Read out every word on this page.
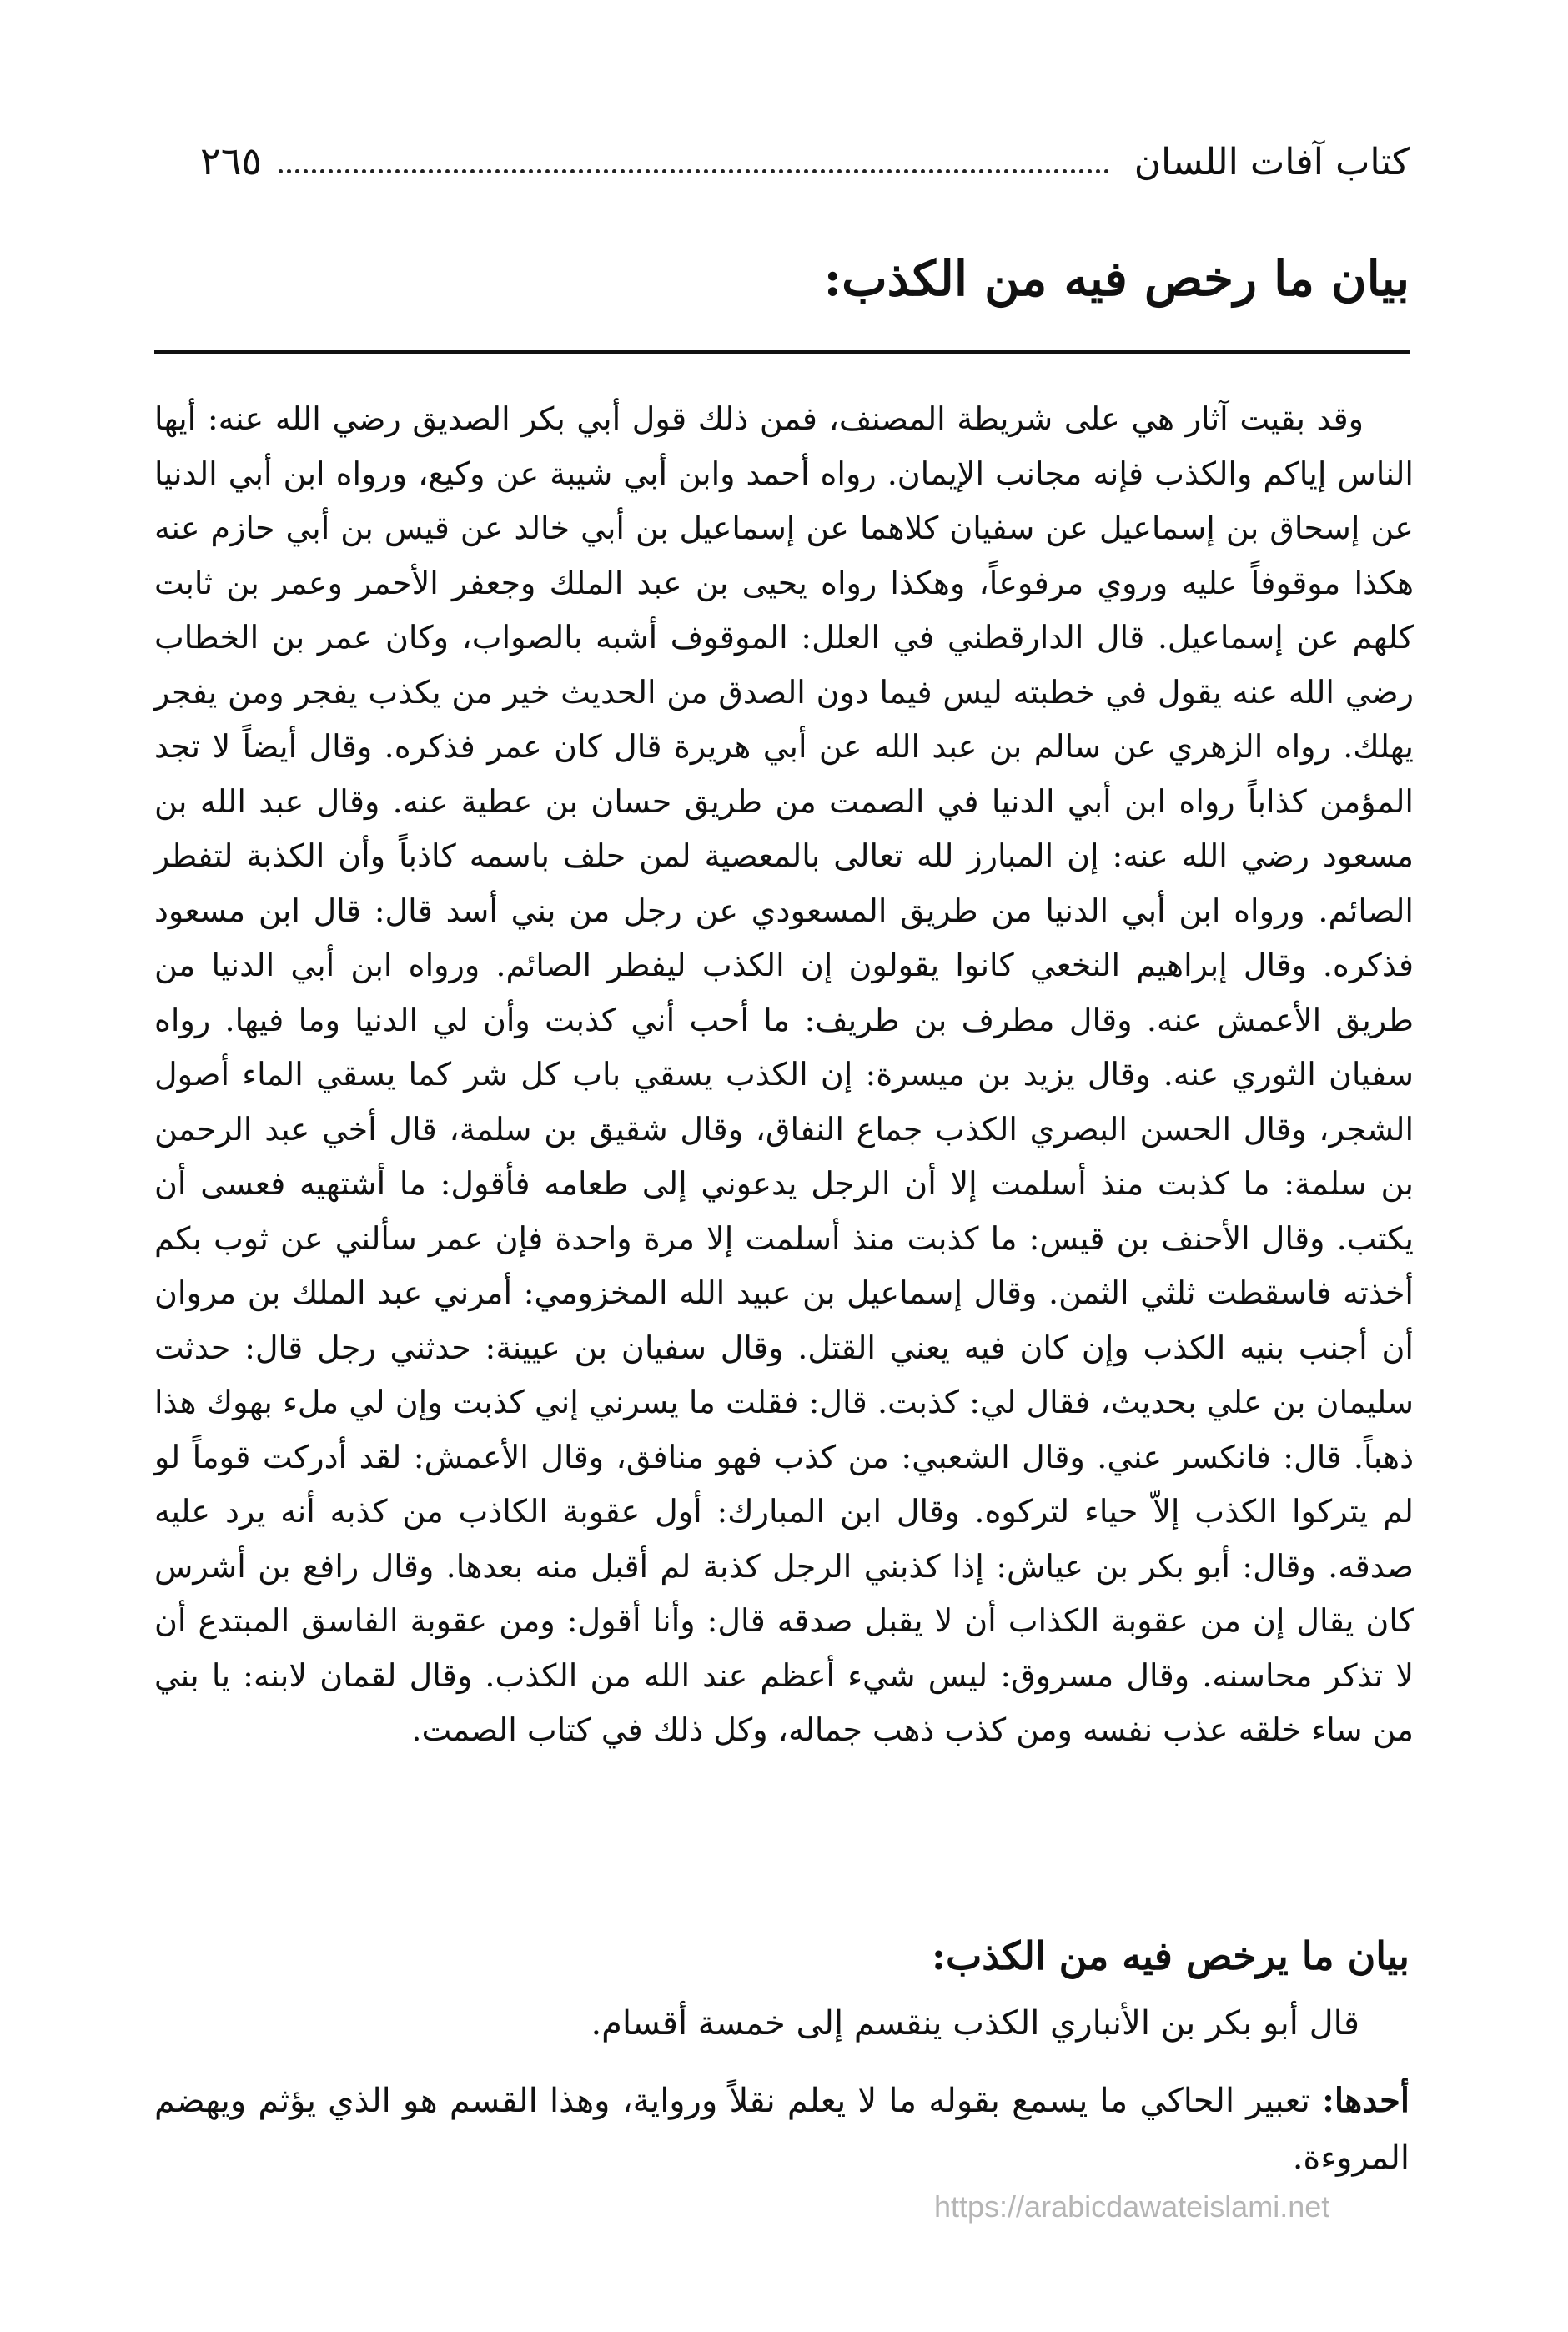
كتاب آفات اللسان
٢٦٥
بيان ما رخص فيه من الكذب:

وقد بقيت آثار هي على شريطة المصنف، فمن ذلك قول أبي بكر الصديق رضي الله عنه: أيها الناس إياكم والكذب فإنه مجانب الإيمان. رواه أحمد وابن أبي شيبة عن وكيع، ورواه ابن أبي الدنيا عن إسحاق بن إسماعيل عن سفيان كلاهما عن إسماعيل بن أبي خالد عن قيس بن أبي حازم عنه هكذا موقوفاً عليه وروي مرفوعاً، وهكذا رواه يحيى بن عبد الملك وجعفر الأحمر وعمر بن ثابت كلهم عن إسماعيل. قال الدارقطني في العلل: الموقوف أشبه بالصواب، وكان عمر بن الخطاب رضي الله عنه يقول في خطبته ليس فيما دون الصدق من الحديث خير من يكذب يفجر ومن يفجر يهلك. رواه الزهري عن سالم بن عبد الله عن أبي هريرة قال كان عمر فذكره. وقال أيضاً لا تجد المؤمن كذاباً رواه ابن أبي الدنيا في الصمت من طريق حسان بن عطية عنه. وقال عبد الله بن مسعود رضي الله عنه: إن المبارز لله تعالى بالمعصية لمن حلف باسمه كاذباً وأن الكذبة لتفطر الصائم. ورواه ابن أبي الدنيا من طريق المسعودي عن رجل من بني أسد قال: قال ابن مسعود فذكره. وقال إبراهيم النخعي كانوا يقولون إن الكذب ليفطر الصائم. ورواه ابن أبي الدنيا من طريق الأعمش عنه. وقال مطرف بن طريف: ما أحب أني كذبت وأن لي الدنيا وما فيها. رواه سفيان الثوري عنه. وقال يزيد بن ميسرة: إن الكذب يسقي باب كل شر كما يسقي الماء أصول الشجر، وقال الحسن البصري الكذب جماع النفاق، وقال شقيق بن سلمة، قال أخي عبد الرحمن بن سلمة: ما كذبت منذ أسلمت إلا أن الرجل يدعوني إلى طعامه فأقول: ما أشتهيه فعسى أن يكتب. وقال الأحنف بن قيس: ما كذبت منذ أسلمت إلا مرة واحدة فإن عمر سألني عن ثوب بكم أخذته فاسقطت ثلثي الثمن. وقال إسماعيل بن عبيد الله المخزومي: أمرني عبد الملك بن مروان أن أجنب بنيه الكذب وإن كان فيه يعني القتل. وقال سفيان بن عيينة: حدثني رجل قال: حدثت سليمان بن علي بحديث، فقال لي: كذبت. قال: فقلت ما يسرني إني كذبت وإن لي ملء بهوك هذا ذهباً. قال: فانكسر عني. وقال الشعبي: من كذب فهو منافق، وقال الأعمش: لقد أدركت قوماً لو لم يتركوا الكذب إلاّ حياء لتركوه. وقال ابن المبارك: أول عقوبة الكاذب من كذبه أنه يرد عليه صدقه. وقال: أبو بكر بن عياش: إذا كذبني الرجل كذبة لم أقبل منه بعدها. وقال رافع بن أشرس كان يقال إن من عقوبة الكذاب أن لا يقبل صدقه قال: وأنا أقول: ومن عقوبة الفاسق المبتدع أن لا تذكر محاسنه. وقال مسروق: ليس شيء أعظم عند الله من الكذب. وقال لقمان لابنه: يا بني من ساء خلقه عذب نفسه ومن كذب ذهب جماله، وكل ذلك في كتاب الصمت.

بيان ما يرخص فيه من الكذب:
قال أبو بكر بن الأنباري الكذب ينقسم إلى خمسة أقسام.
أحدها: تعبير الحاكي ما يسمع بقوله ما لا يعلم نقلاً ورواية، وهذا القسم هو الذي يؤثم ويهضم المروءة.
https://arabicdawateislami.net
